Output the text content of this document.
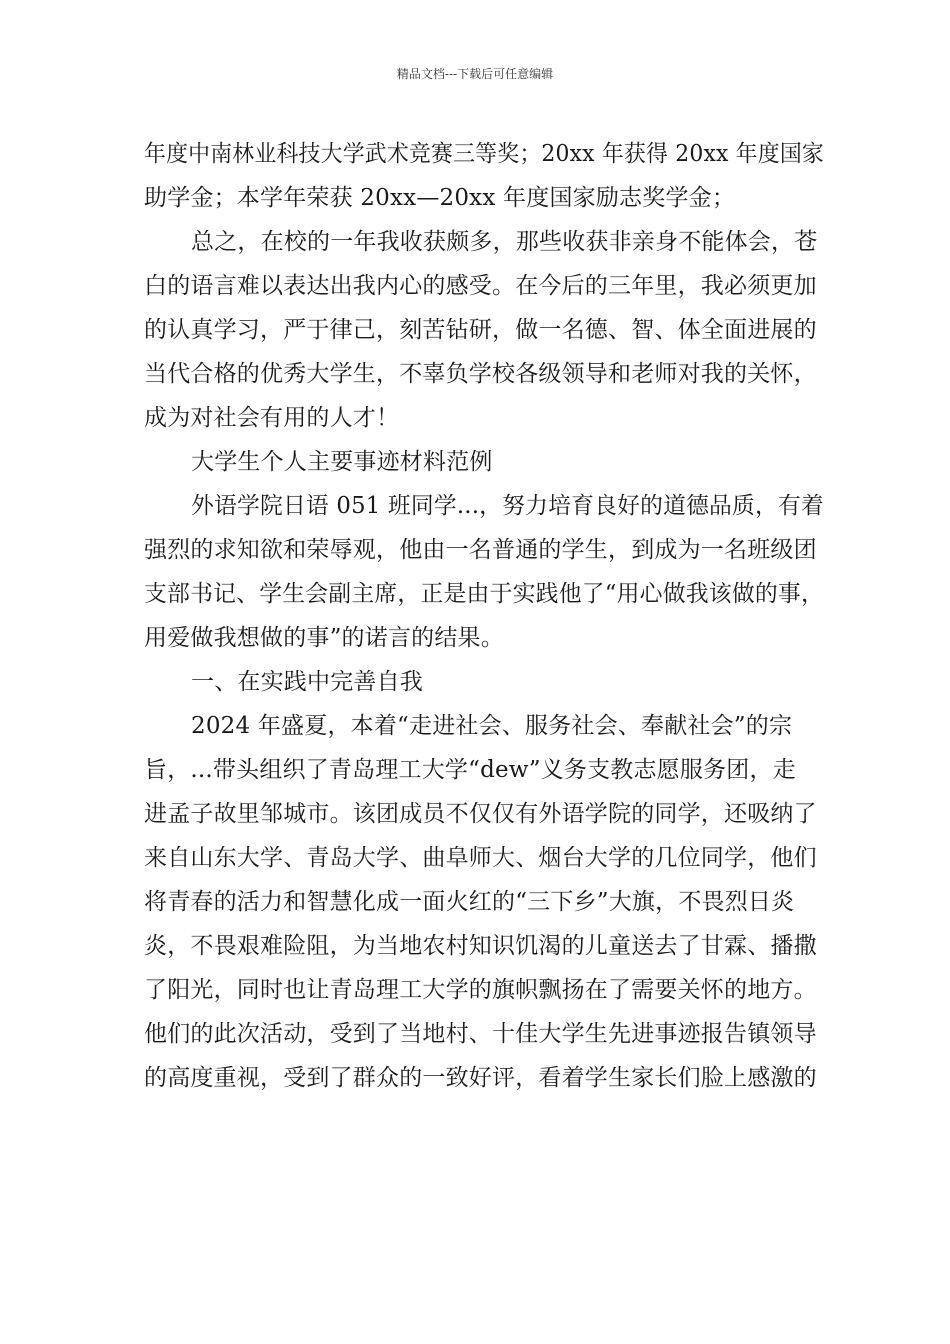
精品文档---下载后可任意编辑
年度中南林业科技大学武术竞赛三等奖；20xx 年获得 20xx 年度国家
助学金；本学年荣获 20xx—20xx 年度国家励志奖学金；
总之，在校的一年我收获颇多，那些收获非亲身不能体会，苍
白的语言难以表达出我内心的感受。在今后的三年里，我必须更加
的认真学习，严于律己，刻苦钻研，做一名德、智、体全面进展的
当代合格的优秀大学生，不辜负学校各级领导和老师对我的关怀，
成为对社会有用的人才！
大学生个人主要事迹材料范例
外语学院日语 051 班同学...，努力培育良好的道德品质，有着
强烈的求知欲和荣辱观，他由一名普通的学生，到成为一名班级团
支部书记、学生会副主席，正是由于实践他了“用心做我该做的事，
用爱做我想做的事”的诺言的结果。
一、在实践中完善自我
2024 年盛夏，本着“走进社会、服务社会、奉献社会”的宗
旨，...带头组织了青岛理工大学“dew”义务支教志愿服务团，走
进孟子故里邹城市。该团成员不仅仅有外语学院的同学，还吸纳了
来自山东大学、青岛大学、曲阜师大、烟台大学的几位同学，他们
将青春的活力和智慧化成一面火红的“三下乡”大旗，不畏烈日炎
炎，不畏艰难险阻，为当地农村知识饥渴的儿童送去了甘霖、播撒
了阳光，同时也让青岛理工大学的旗帜飘扬在了需要关怀的地方。
他们的此次活动，受到了当地村、十佳大学生先进事迹报告镇领导
的高度重视，受到了群众的一致好评，看着学生家长们脸上感激的
